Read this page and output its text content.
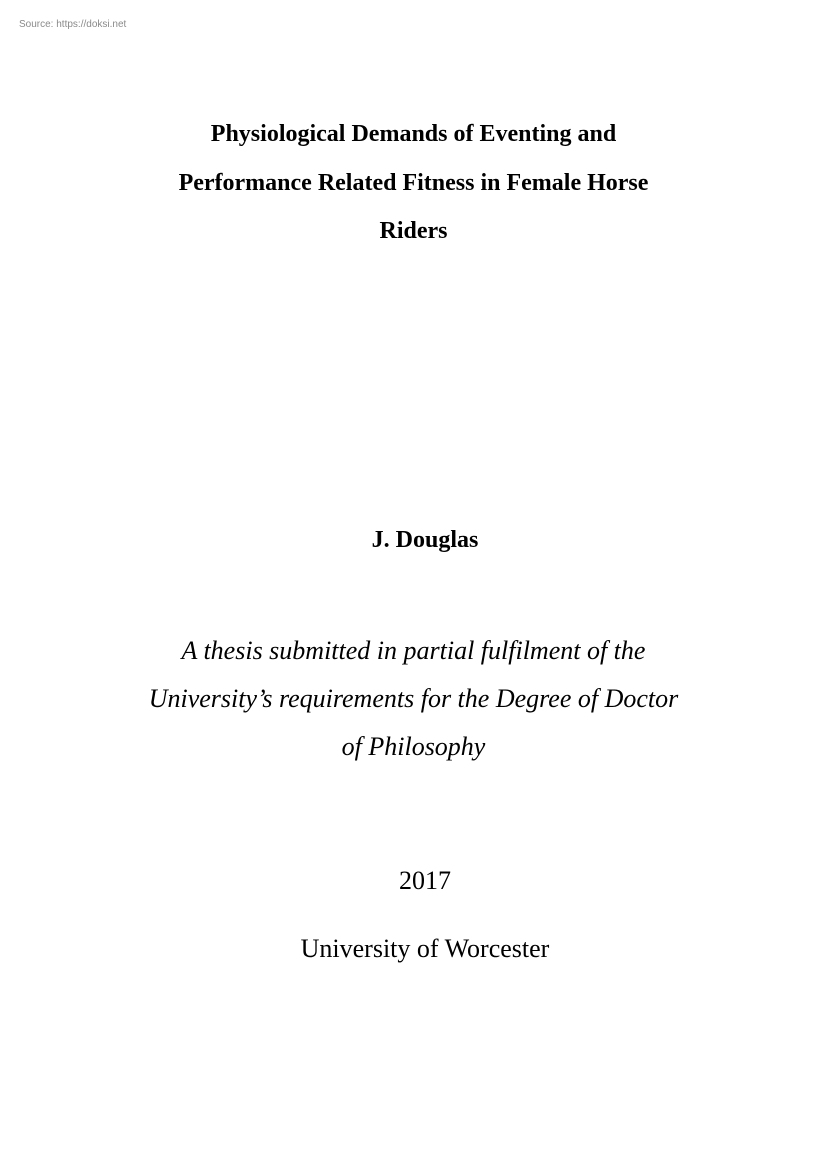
Source: https://doksi.net
Physiological Demands of Eventing and
Performance Related Fitness in Female Horse
Riders
J. Douglas
A thesis submitted in partial fulfilment of the
University’s requirements for the Degree of Doctor
of Philosophy
2017
University of Worcester
